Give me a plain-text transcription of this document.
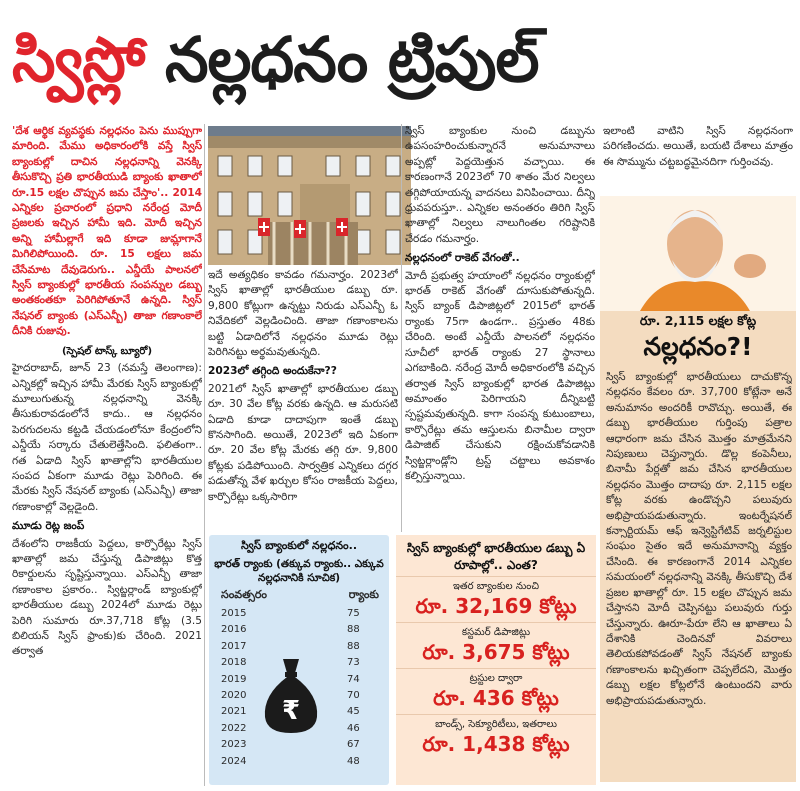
స్విస్లో నల్లధనం ట్రిపుల్

'దేశ ఆర్థిక వ్యవస్థకు నల్లధనం పెను ముప్పుగా మారింది. మేము అధికారంలోకి వస్తే స్విస్ బ్యాంకుల్లో దాచిన నల్లధనాన్ని వెనక్కి తీసుకొచ్చి ప్రతి భారతీయుడి బ్యాంకు ఖాతాలో రూ.15 లక్షల చొప్పున జమ చేస్తాం'.. 2014 ఎన్నికల ప్రచారంలో ప్రధాని నరేంద్ర మోదీ ప్రజలకు ఇచ్చిన హామీ ఇది. మోదీ ఇచ్చిన అన్ని హామీల్లాగే ఇది కూడా జుమ్లాగానే మిగిలిపోయింది. రూ. 15 లక్షలు జమ చేసేమాట దేవుడెరుగు.. ఎన్డీయే పాలనలో స్విస్ బ్యాంకుల్లో భారతీయ సంపన్నుల డబ్బు అంతకంతకూ పెరిగిపోతూనే ఉన్నది. స్విస్ నేషనల్ బ్యాంకు (ఎస్ఎన్బీ) తాజా గణాంకాలే దీనికి రుజువు.

(స్పెషల్ టాస్క్ బ్యూరో)

హైదరాబాద్, జూన్ 23 (నమస్తే తెలంగాణ): ఎన్నికల్లో ఇచ్చిన హామీ మేరకు స్విస్ బ్యాంకుల్లో మూలుగుతున్న నల్లధనాన్ని వెనక్కి తీసుకురావడంలోనే కాదు.. ఆ నల్లధనం పెరగుదలను కట్టడి చేయడంలోనూ కేంద్రంలోని ఎన్డీయే సర్కారు చేతులెత్తేసింది. ఫలితంగా.. గత ఏడాది స్విస్ ఖాతాల్లోని భారతీయుల సంపద ఏకంగా మూడు రెట్లు పెరిగింది. ఈ మేరకు స్విస్ నేషనల్ బ్యాంకు (ఎస్ఎన్బీ) తాజా గణాంకాల్లో వెల్లడైంది.

మూడు రెట్ల జంప్

దేశంలోని రాజకీయ పెద్దలు, కార్పొరేట్లు స్విస్ ఖాతాల్లో జమ చేస్తున్న డిపాజిట్లు కొత్త రికార్డులను సృష్టిస్తున్నాయి. ఎస్ఎన్బీ తాజా గణాంకాల ప్రకారం.. స్విట్జర్లాండ్ బ్యాంకుల్లో భారతీయుల డబ్బు 2024లో మూడు రెట్లు పెరిగి సుమారు రూ.37,718 కోట్ల (3.5 బిలియన్ స్విస్ ఫ్రాంకు)కు చేరింది. 2021 తర్వాత

ఇదే అత్యధికం కావడం గమనార్హం. 2023లో స్విస్ ఖాతాల్లో భారతీయుల డబ్బు రూ. 9,800 కోట్లుగా ఉన్నట్టు నిరుడు ఎస్ఎన్బీ ఓ నివేదికలో వెల్లడించింది. తాజా గణాంకాలను బట్టి ఏడాదిలోనే నల్లధనం మూడు రెట్లు పెరిగినట్టు అర్థమవుతున్నది.

2023లో తగ్గింది అందుకేనా??

2021లో స్విస్ ఖాతాల్లో భారతీయుల డబ్బు రూ. 30 వేల కోట్ల వరకు ఉన్నది. ఆ మరుసటి ఏడాది కూడా దాదాపుగా ఇంతే డబ్బు కొనసాగింది. అయితే, 2023లో ఇది ఏకంగా రూ. 20 వేల కోట్ల మేరకు తగ్గి రూ. 9,800 కోట్లకు పడిపోయింది. సార్వత్రిక ఎన్నికలు దగ్గర పడుతోన్న వేళ ఖర్చుల కోసం రాజకీయ పెద్దలు, కార్పొరేట్లు ఒక్కసారిగా

స్విస్ బ్యాంకుల నుంచి డబ్బును ఉపసంహరించుకున్నారనే అనుమానాలు అప్పట్లో పెద్దయెత్తున వచ్చాయి. ఈ కారణంగానే 2023లో 70 శాతం మేర నిల్వలు తగ్గిపోయాయన్న వాదనలు వినిపించాయి. దీన్ని ధ్రువపరుస్తూ.. ఎన్నికల అనంతరం తిరిగి స్విస్ ఖాతాల్లో నిల్వలు నాలుగింతల గరిష్టానికి చేరడం గమనార్హం.

నల్లధనంలో రాకెట్ వేగంతో..

మోదీ ప్రభుత్వ హయాంలో నల్లధనం ర్యాంకుల్లో భారత్ రాకెట్ వేగంతో దూసుకుపోతున్నది. స్విస్ బ్యాంక్ డిపాజిట్లలో 2015లో భారత్ ర్యాంకు 75గా ఉండగా.. ప్రస్తుతం 48కు చేరింది. అంటే ఎన్డీయే పాలనలో నల్లధనం సూచీలో భారత్ ర్యాంకు 27 స్థానాలు ఎగబాకింది. నరేంద్ర మోదీ అధికారంలోకి వచ్చిన తర్వాత స్విస్ బ్యాంకుల్లో భారత డిపాజిట్లు అమాంతం పెరిగాయని దీన్నిబట్టి స్పష్టమవుతున్నది. కాగా సంపన్న కుటుంబాలు, కార్పొరేట్లు తమ ఆస్తులను బినామీల ద్వారా డిపాజిట్ చేసుకుని రక్షించుకోవడానికి స్విట్జర్లాండ్లోని ట్రస్ట్ చట్టాలు అవకాశం కల్పిస్తున్నాయి.

ఇలాంటి వాటిని స్విస్ నల్లధనంగా పరిగణించదు. అయితే, బయటి దేశాలు మాత్రం ఈ సొమ్మును చట్టబద్ధమైనదిగా గుర్తించవు.

రూ. 2,115 లక్షల కోట్ల
నల్లధనం?!
స్విస్ బ్యాంకుల్లో భారతీయులు దాచుకొన్న నల్లధనం కేవలం రూ. 37,700 కోట్లేనా అనే అనుమానం అందరికీ రావొచ్చు. అయితే, ఈ డబ్బు భారతీయుల గుర్తింపు పత్రాల ఆధారంగా జమ చేసిన మొత్తం మాత్రమేనని నిపుణులు చెప్తున్నారు. డొల్ల కంపెనీలు, బినామీ పేర్లతో జమ చేసిన భారతీయుల నల్లధనం మొత్తం దాదాపు రూ. 2,115 లక్షల కోట్ల వరకు ఉండొచ్చని పలువురు అభిప్రాయపడుతున్నారు. ఇంటర్నేషనల్ కన్సార్టియమ్ ఆఫ్ ఇన్వెస్టిగేటివ్ జర్నలిస్టుల సంఘం సైతం ఇదే అనుమానాన్ని వ్యక్తం చేసింది. ఈ కారణంగానే 2014 ఎన్నికల సమయంలో నల్లధనాన్ని వెనక్కి తీసుకొచ్చి దేశ ప్రజల ఖాతాల్లో రూ. 15 లక్షల చొప్పున జమ చేస్తానని మోదీ చెప్పినట్టు పలువురు గుర్తు చేస్తున్నారు. ఊరూ-పేరూ లేని ఆ ఖాతాలు ఏ దేశానికి చెందినవో వివరాలు తెలియకపోవడంతో స్విస్ నేషనల్ బ్యాంకు గణాంకాలను ఖచ్చితంగా చెప్పలేదని, మొత్తం డబ్బు లక్షల కోట్లలోనే ఉంటుందని వారు అభిప్రాయపడుతున్నారు.
స్విస్ బ్యాంకులో నల్లధనం..
భారత్ ర్యాంకు (తక్కువ ర్యాంకు.. ఎక్కువ నల్లధనానికి సూచిక)
సంవత్సరం	ర్యాంకు
2015	75
2016	88
2017	88
2018	73
2019	74
2020	70
2021	45
2022	46
2023	67
2024	48
₹
స్విస్ బ్యాంకుల్లో భారతీయుల డబ్బు ఏ రూపాల్లో.. ఎంత?
ఇతర బ్యాంకుల నుంచి
రూ. 32,169 కోట్లు
కస్టమర్ డిపాజిట్లు
రూ. 3,675 కోట్లు
ట్రస్టుల ద్వారా
రూ. 436 కోట్లు
బాండ్స్, సెక్యూరిటీలు, ఇతరాలు
రూ. 1,438 కోట్లు
